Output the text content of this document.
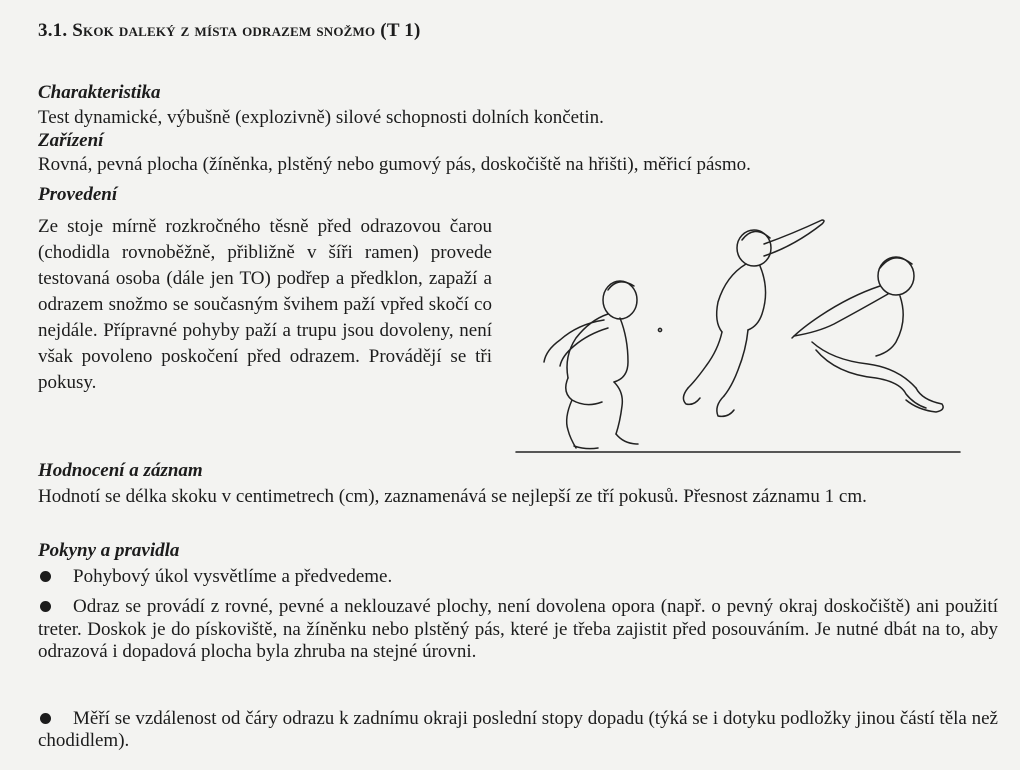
3.1. Skok daleký z místa odrazem snožmo (T 1)
Charakteristika
Test dynamické, výbušně (explozivně) silové schopnosti dolních končetin.
Zařízení
Rovná, pevná plocha (žíněnka, plstěný nebo gumový pás, doskočiště na hřišti), měřicí pásmo.
Provedení
Ze stoje mírně rozkročného těsně před odrazovou čarou (chodidla rovnoběžně, přibližně v šíři ramen) provede testovaná osoba (dále jen TO) podřep a předklon, zapaží a odrazem snožmo se současným švihem paží vpřed skočí co nejdále. Přípravné pohyby paží a trupu jsou dovoleny, není však povoleno poskočení před odrazem. Provádějí se tři pokusy.
Hodnocení a záznam
Hodnotí se délka skoku v centimetrech (cm), zaznamenává se nejlepší ze tří pokusů. Přesnost záznamu 1 cm.
Pokyny a pravidla
Pohybový úkol vysvětlíme a předvedeme.
Odraz se provádí z rovné, pevné a neklouzavé plochy, není dovolena opora (např. o pevný okraj doskočiště) ani použití treter. Doskok je do pískoviště, na žíněnku nebo plstěný pás, které je třeba zajistit před posouváním. Je nutné dbát na to, aby odrazová i dopadová plocha byla zhruba na stejné úrovni.
Měří se vzdálenost od čáry odrazu k zadnímu okraji poslední stopy dopadu (týká se i dotyku podložky jinou částí těla než chodidlem).
